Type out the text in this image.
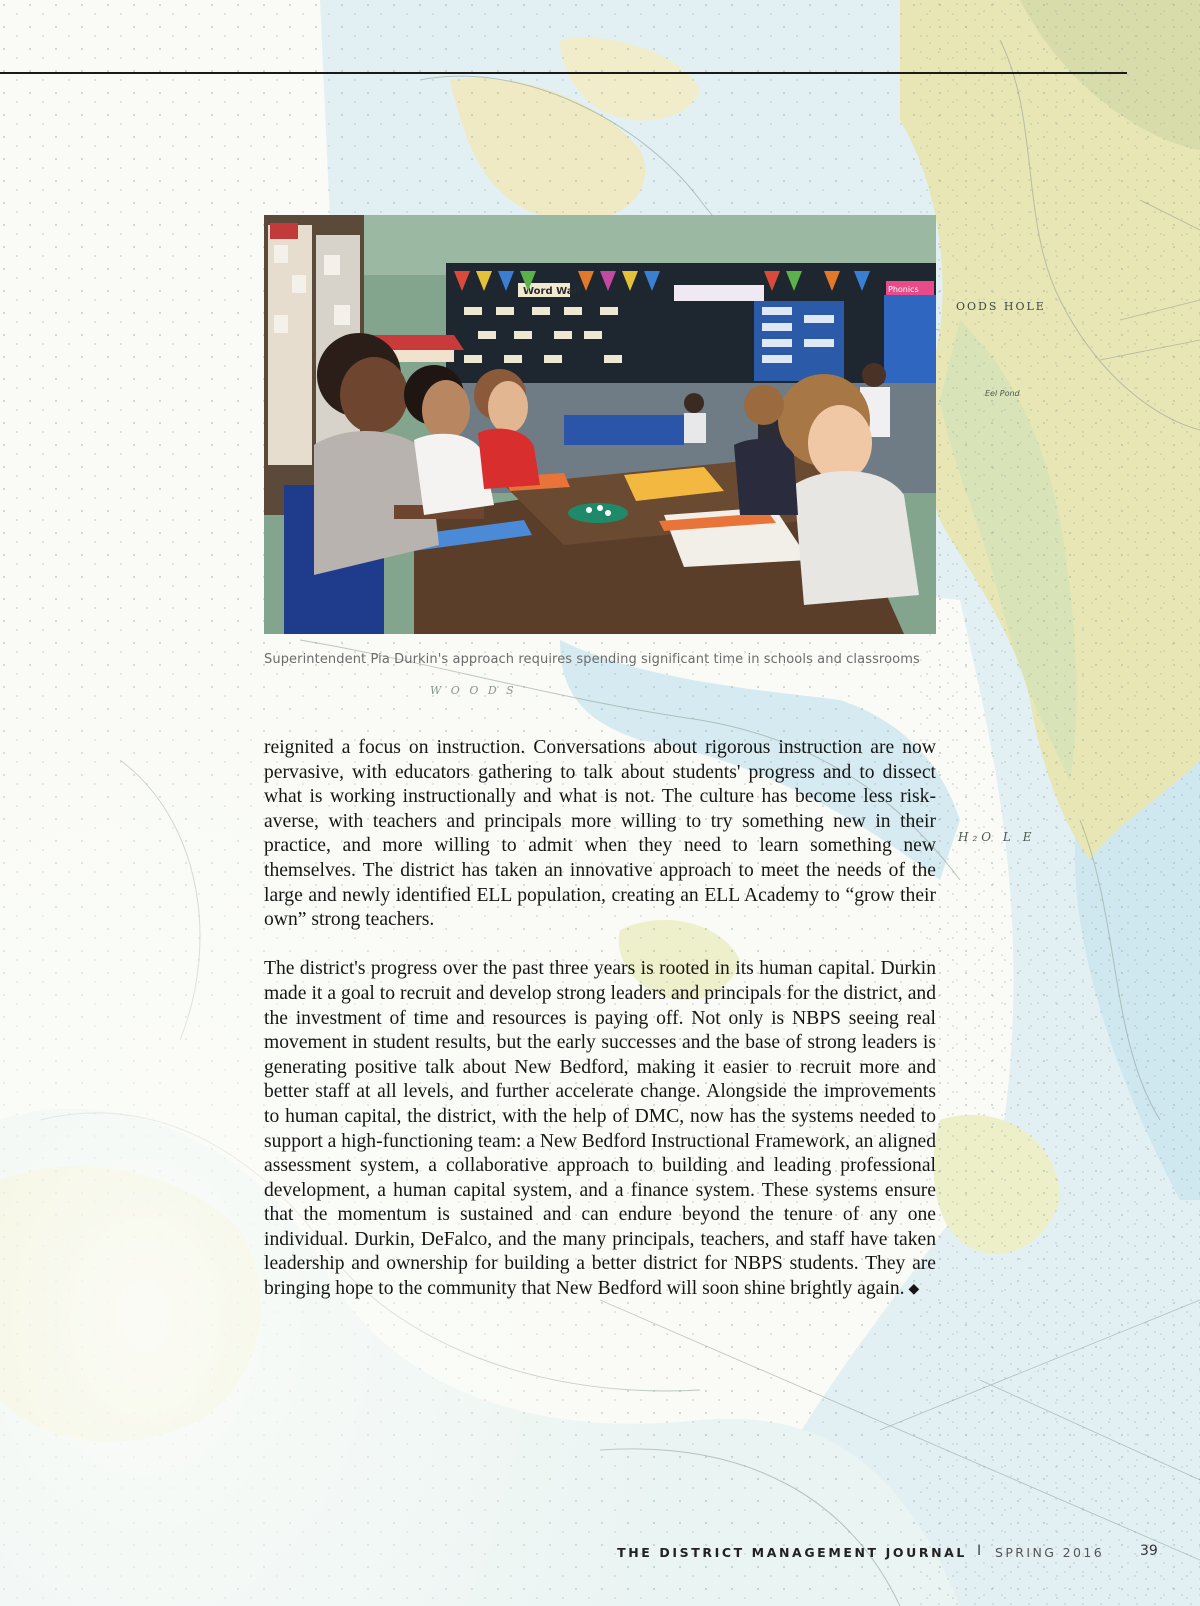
OODS HOLE
H₂O L E
W O O D S
Eel Pond
Word Wall	Phonics
Superintendent Pia Durkin's approach requires spending significant time in schools and classrooms

reignited a focus on instruction. Conversations about rigorous instruction are now pervasive, with educators gathering to talk about students' progress and to dissect what is working instructionally and what is not. The culture has become less risk-averse, with teachers and principals more willing to try something new in their practice, and more willing to admit when they need to learn something new themselves. The district has taken an innovative approach to meet the needs of the large and newly identified ELL population, creating an ELL Academy to “grow their own” strong teachers.

The district's progress over the past three years is rooted in its human capital. Durkin made it a goal to recruit and develop strong leaders and principals for the district, and the investment of time and resources is paying off. Not only is NBPS seeing real movement in student results, but the early successes and the base of strong leaders is generating positive talk about New Bedford, making it easier to recruit more and better staff at all levels, and further accelerate change. Alongside the improvements to human capital, the district, with the help of DMC, now has the systems needed to support a high-functioning team: a New Bedford Instructional Framework, an aligned assessment system, a collaborative approach to building and leading professional development, a human capital system, and a finance system. These systems ensure that the momentum is sustained and can endure beyond the tenure of any one individual. Durkin, DeFalco, and the many principals, teachers, and staff have taken leadership and ownership for building a better district for NBPS students. They are bringing hope to the community that New Bedford will soon shine brightly again. ◆

THE DISTRICT MANAGEMENT JOURNAL I SPRING 2016	39
